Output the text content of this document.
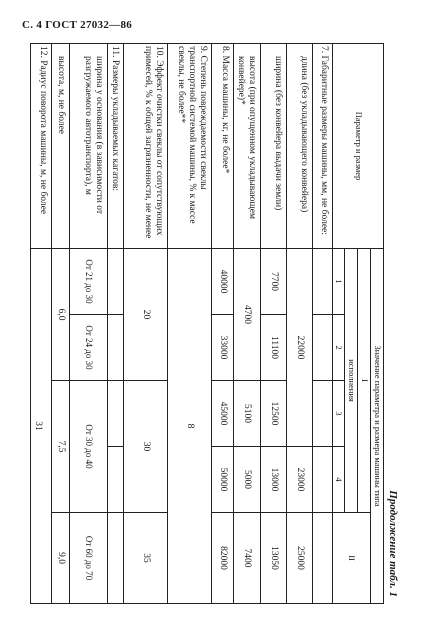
С. 4 ГОСТ 27032—86
Продолжение табл. 1
Параметр и размер	Значение параметра и размера машины типа				
	I				II
	исполнения				
	1	2	3	4	
7. Габаритные размеры машины, мм, не более:					
длина (без укладывающего конвейера)	22000			23000	25000
ширина (без конвейера выдачи земли)	7700	11100	12500	13000	13050
высота (при опущенном укладывающем конвейере)*	4700		5100	5000	7400
8. Масса машины, кг, не более*	40000	33000	45000	50000	82000
9. Степень повреждаемости свеклы транспортной системой машины, % к массе свеклы, не более**	8				
10. Эффект очистки свеклы от сопутствующих примесей, % к общей загрязненности, не менее	20		30		35
11. Размеры укладываемых кагатов:					
ширина у основания (в зависимости от разгружаемого автотранспорта), м	От 21 до 30	От 24 до 30	От 30 до 40		От 60 до 70
высота, м, не более	6,0		7,5		9,0
12. Радиус поворота машины, м, не более	31				
